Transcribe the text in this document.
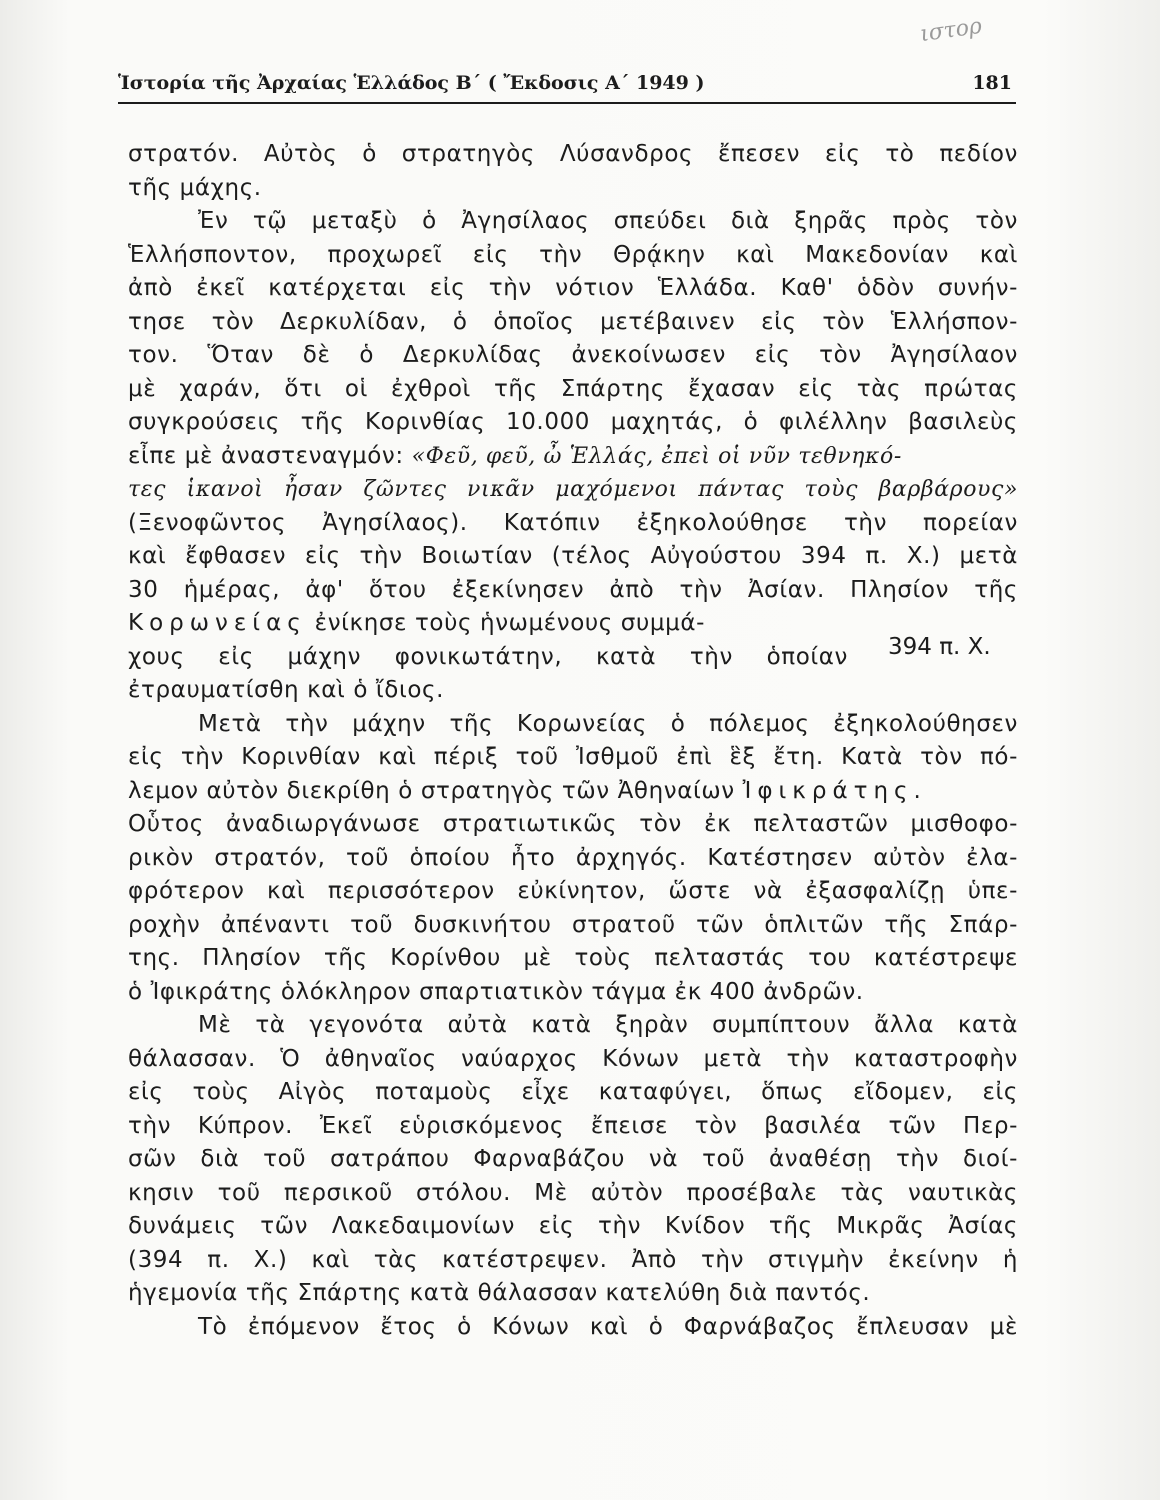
ιστορ
Ἱστορία τῆς Ἀρχαίας Ἑλλάδος Β΄ ( Ἔκδοσις Α΄ 1949 )	181
394 π. Χ.
στρατόν. Αὐτὸς ὁ στρατηγὸς Λύσανδρος ἔπεσεν εἰς τὸ πεδίον
τῆς μάχης.
Ἐν τῷ μεταξὺ ὁ Ἀγησίλαος σπεύδει διὰ ξηρᾶς πρὸς τὸν
Ἑλλήσποντον, προχωρεῖ εἰς τὴν Θρᾴκην καὶ Μακεδονίαν καὶ
ἀπὸ ἐκεῖ κατέρχεται εἰς τὴν νότιον Ἑλλάδα. Καθ' ὁδὸν συνήν-
τησε τὸν Δερκυλίδαν, ὁ ὁποῖος μετέβαινεν εἰς τὸν Ἑλλήσπον-
τον. Ὅταν δὲ ὁ Δερκυλίδας ἀνεκοίνωσεν εἰς τὸν Ἀγησίλαον
μὲ χαράν, ὅτι οἱ ἐχθροὶ τῆς Σπάρτης ἔχασαν εἰς τὰς πρώτας
συγκρούσεις τῆς Κορινθίας 10.000 μαχητάς, ὁ φιλέλλην βασιλεὺς
εἶπε μὲ ἀναστεναγμόν: «Φεῦ, φεῦ, ὦ Ἑλλάς, ἐπεὶ οἱ νῦν τεθνηκό-
τες ἱκανοὶ ἦσαν ζῶντες νικᾶν μαχόμενοι πάντας τοὺς βαρβάρους»
(Ξενοφῶντος Ἀγησίλαος). Κατόπιν ἐξηκολούθησε τὴν πορείαν
καὶ ἔφθασεν εἰς τὴν Βοιωτίαν (τέλος Αὐγούστου 394 π. Χ.) μετὰ
30 ἡμέρας, ἀφ' ὅτου ἐξεκίνησεν ἀπὸ τὴν Ἀσίαν. Πλησίον τῆς
Κορωνείας ἐνίκησε τοὺς ἡνωμένους συμμά-
χους εἰς μάχην φονικωτάτην, κατὰ τὴν ὁποίαν
ἐτραυματίσθη καὶ ὁ ἴδιος.
Μετὰ τὴν μάχην τῆς Κορωνείας ὁ πόλεμος ἐξηκολούθησεν
εἰς τὴν Κορινθίαν καὶ πέριξ τοῦ Ἰσθμοῦ ἐπὶ ἓξ ἔτη. Κατὰ τὸν πό-
λεμον αὐτὸν διεκρίθη ὁ στρατηγὸς τῶν Ἀθηναίων Ἰφικράτης.
Οὗτος ἀναδιωργάνωσε στρατιωτικῶς τὸν ἐκ πελταστῶν μισθοφο-
ρικὸν στρατόν, τοῦ ὁποίου ἦτο ἀρχηγός. Κατέστησεν αὐτὸν ἐλα-
φρότερον καὶ περισσότερον εὐκίνητον, ὥστε νὰ ἐξασφαλίζῃ ὑπε-
ροχὴν ἀπέναντι τοῦ δυσκινήτου στρατοῦ τῶν ὁπλιτῶν τῆς Σπάρ-
της. Πλησίον τῆς Κορίνθου μὲ τοὺς πελταστάς του κατέστρεψε
ὁ Ἰφικράτης ὁλόκληρον σπαρτιατικὸν τάγμα ἐκ 400 ἀνδρῶν.
Μὲ τὰ γεγονότα αὐτὰ κατὰ ξηρὰν συμπίπτουν ἄλλα κατὰ
θάλασσαν. Ὁ ἀθηναῖος ναύαρχος Κόνων μετὰ τὴν καταστροφὴν
εἰς τοὺς Αἰγὸς ποταμοὺς εἶχε καταφύγει, ὅπως εἴδομεν, εἰς
τὴν Κύπρον. Ἐκεῖ εὑρισκόμενος ἔπεισε τὸν βασιλέα τῶν Περ-
σῶν διὰ τοῦ σατράπου Φαρναβάζου νὰ τοῦ ἀναθέσῃ τὴν διοί-
κησιν τοῦ περσικοῦ στόλου. Μὲ αὐτὸν προσέβαλε τὰς ναυτικὰς
δυνάμεις τῶν Λακεδαιμονίων εἰς τὴν Κνίδον τῆς Μικρᾶς Ἀσίας
(394 π. Χ.) καὶ τὰς κατέστρεψεν. Ἀπὸ τὴν στιγμὴν ἐκείνην ἡ
ἡγεμονία τῆς Σπάρτης κατὰ θάλασσαν κατελύθη διὰ παντός.
Τὸ ἐπόμενον ἔτος ὁ Κόνων καὶ ὁ Φαρνάβαζος ἔπλευσαν μὲ
